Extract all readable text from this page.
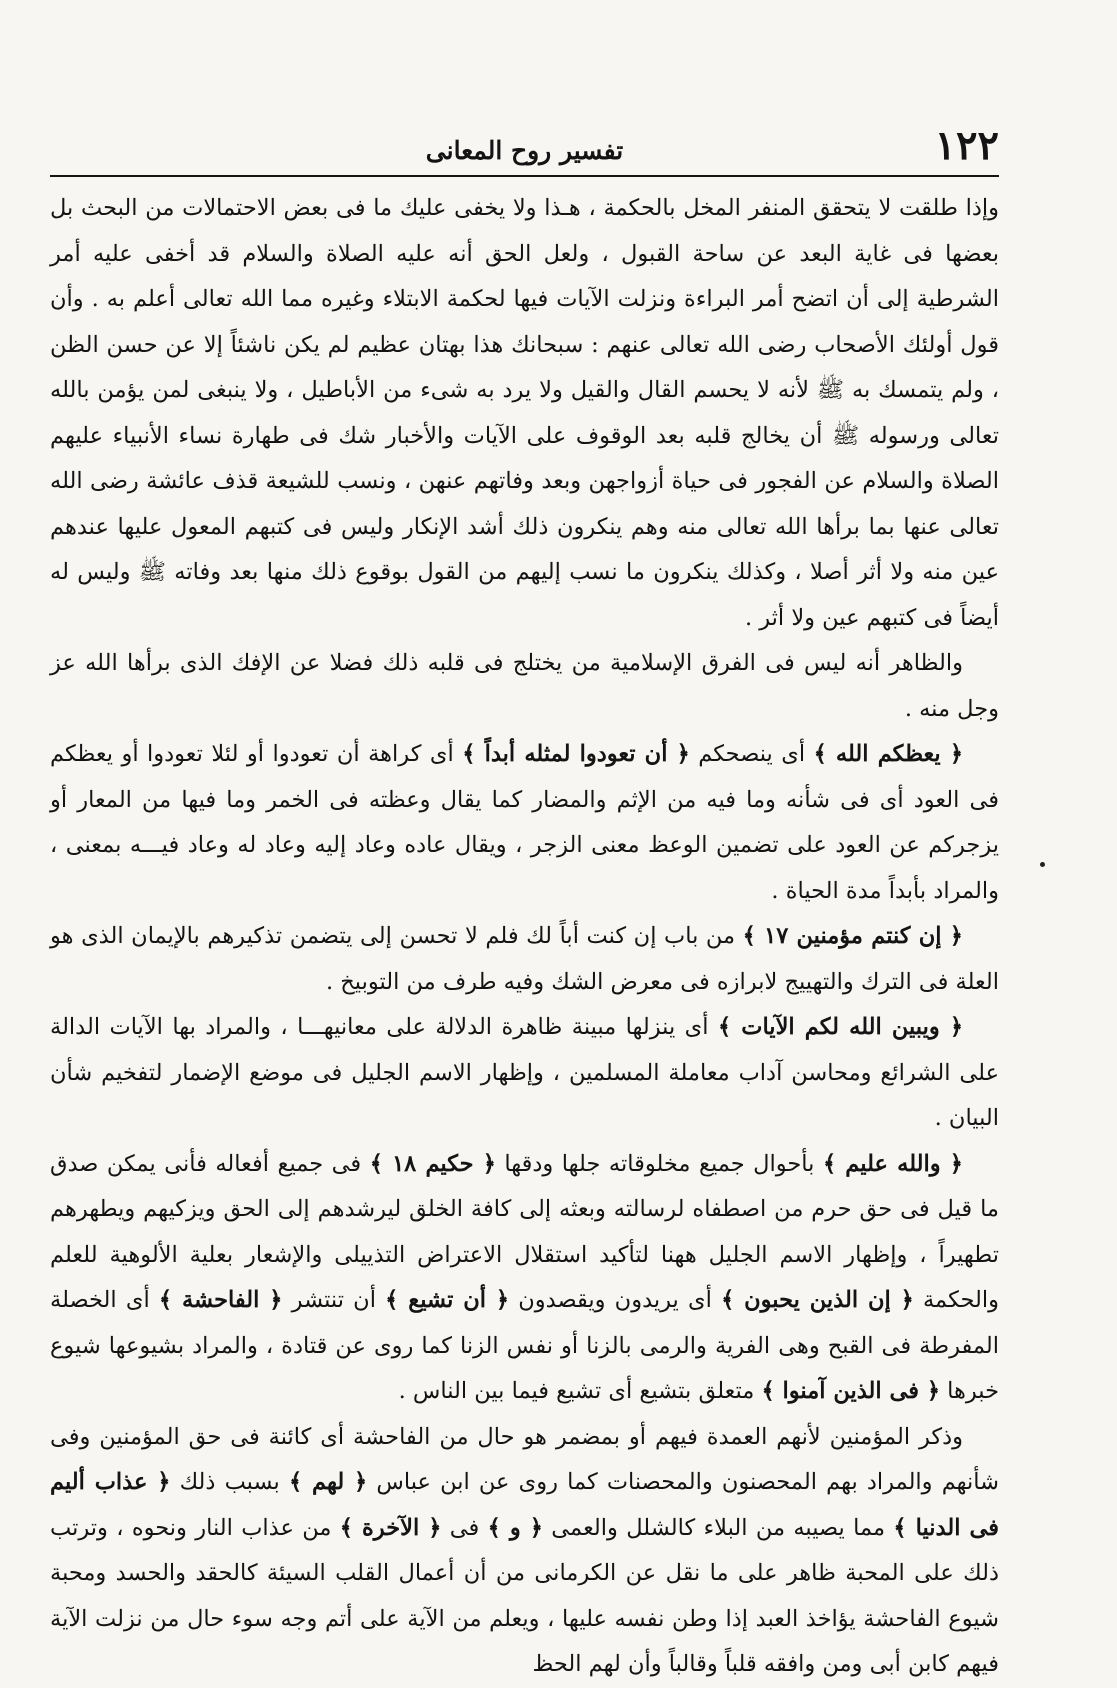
١٢٢
تفسير روح المعانى

وإذا طلقت لا يتحقق المنفر المخل بالحكمة ، هـذا ولا يخفى عليك ما فى بعض الاحتمالات من البحث بل بعضها فى غاية البعد عن ساحة القبول ، ولعل الحق أنه عليه الصلاة والسلام قد أخفى عليه أمر الشرطية إلى أن اتضح أمر البراءة ونزلت الآيات فيها لحكمة الابتلاء وغيره مما الله تعالى أعلم به . وأن قول أولئك الأصحاب رضى الله تعالى عنهم : سبحانك هذا بهتان عظيم لم يكن ناشئاً إلا عن حسن الظن ، ولم يتمسك به ﷺ لأنه لا يحسم القال والقيل ولا يرد به شىء من الأباطيل ، ولا ينبغى لمن يؤمن بالله تعالى ورسوله ﷺ أن يخالج قلبه بعد الوقوف على الآيات والأخبار شك فى طهارة نساء الأنبياء عليهم الصلاة والسلام عن الفجور فى حياة أزواجهن وبعد وفاتهم عنهن ، ونسب للشيعة قذف عائشة رضى الله تعالى عنها بما برأها الله تعالى منه وهم ينكرون ذلك أشد الإنكار وليس فى كتبهم المعول عليها عندهم عين منه ولا أثر أصلا ، وكذلك ينكرون ما نسب إليهم من القول بوقوع ذلك منها بعد وفاته ﷺ وليس له أيضاً فى كتبهم عين ولا أثر .

والظاهر أنه ليس فى الفرق الإسلامية من يختلج فى قلبه ذلك فضلا عن الإفك الذى برأها الله عز وجل منه .

﴿ يعظكم الله ﴾ أى ينصحكم ﴿ أن تعودوا لمثله أبداً ﴾ أى كراهة أن تعودوا أو لئلا تعودوا أو يعظكم فى العود أى فى شأنه وما فيه من الإثم والمضار كما يقال وعظته فى الخمر وما فيها من المعار أو يزجركم عن العود على تضمين الوعظ معنى الزجر ، ويقال عاده وعاد إليه وعاد له وعاد فيـــه بمعنى ، والمراد بأبداً مدة الحياة .

﴿ إن كنتم مؤمنين ١٧ ﴾ من باب إن كنت أباً لك فلم لا تحسن إلى يتضمن تذكيرهم بالإيمان الذى هو العلة فى الترك والتهييج لابرازه فى معرض الشك وفيه طرف من التوبيخ .

﴿ ويبين الله لكم الآيات ﴾ أى ينزلها مبينة ظاهرة الدلالة على معانيهـــا ، والمراد بها الآيات الدالة على الشرائع ومحاسن آداب معاملة المسلمين ، وإظهار الاسم الجليل فى موضع الإضمار لتفخيم شأن البيان .

﴿ والله عليم ﴾ بأحوال جميع مخلوقاته جلها ودقها ﴿ حكيم ١٨ ﴾ فى جميع أفعاله فأنى يمكن صدق ما قيل فى حق حرم من اصطفاه لرسالته وبعثه إلى كافة الخلق ليرشدهم إلى الحق ويزكيهم ويطهرهم تطهيراً ، وإظهار الاسم الجليل ههنا لتأكيد استقلال الاعتراض التذييلى والإشعار بعلية الألوهية للعلم والحكمة ﴿ إن الذين يحبون ﴾ أى يريدون ويقصدون ﴿ أن تشيع ﴾ أن تنتشر ﴿ الفاحشة ﴾ أى الخصلة المفرطة فى القبح وهى الفرية والرمى بالزنا أو نفس الزنا كما روى عن قتادة ، والمراد بشيوعها شيوع خبرها ﴿ فى الذين آمنوا ﴾ متعلق بتشيع أى تشيع فيما بين الناس .

وذكر المؤمنين لأنهم العمدة فيهم أو بمضمر هو حال من الفاحشة أى كائنة فى حق المؤمنين وفى شأنهم والمراد بهم المحصنون والمحصنات كما روى عن ابن عباس ﴿ لهم ﴾ بسبب ذلك ﴿ عذاب أليم فى الدنيا ﴾ مما يصيبه من البلاء كالشلل والعمى ﴿ و ﴾ فى ﴿ الآخرة ﴾ من عذاب النار ونحوه ، وترتب ذلك على المحبة ظاهر على ما نقل عن الكرمانى من أن أعمال القلب السيئة كالحقد والحسد ومحبة شيوع الفاحشة يؤاخذ العبد إذا وطن نفسه عليها ، ويعلم من الآية على أتم وجه سوء حال من نزلت الآية فيهم كابن أبى ومن وافقه قلباً وقالباً وأن لهم الحظ
